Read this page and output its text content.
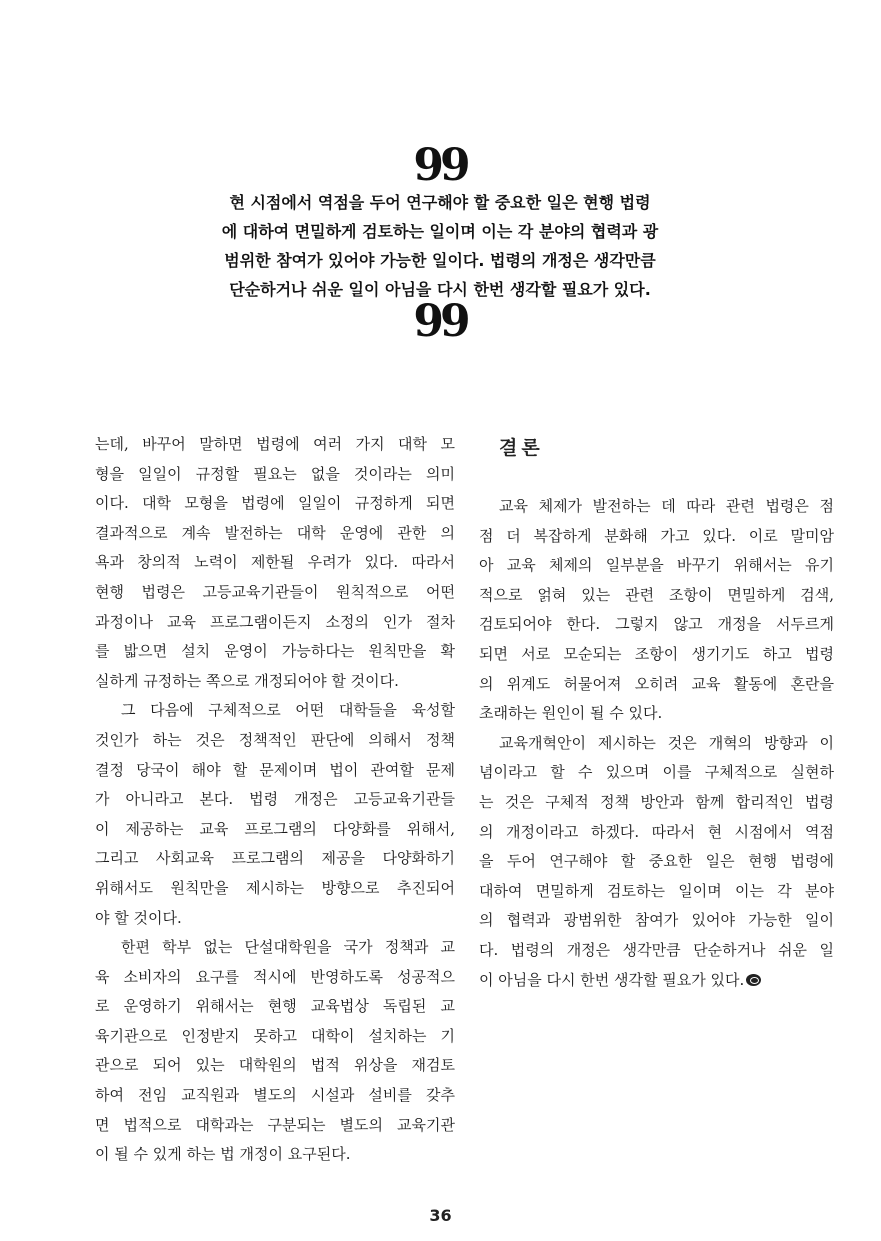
99
현 시점에서 역점을 두어 연구해야 할 중요한 일은 현행 법령
에 대하여 면밀하게 검토하는 일이며 이는 각 분야의 협력과 광
범위한 참여가 있어야 가능한 일이다. 법령의 개정은 생각만큼
단순하거나 쉬운 일이 아님을 다시 한번 생각할 필요가 있다.
99
는데, 바꾸어 말하면 법령에 여러 가지 대학 모
형을 일일이 규정할 필요는 없을 것이라는 의미
이다. 대학 모형을 법령에 일일이 규정하게 되면
결과적으로 계속 발전하는 대학 운영에 관한 의
욕과 창의적 노력이 제한될 우려가 있다. 따라서
현행 법령은 고등교육기관들이 원칙적으로 어떤
과정이나 교육 프로그램이든지 소정의 인가 절차
를 밟으면 설치 운영이 가능하다는 원칙만을 확
실하게 규정하는 쪽으로 개정되어야 할 것이다.
그 다음에 구체적으로 어떤 대학들을 육성할
것인가 하는 것은 정책적인 판단에 의해서 정책
결정 당국이 해야 할 문제이며 법이 관여할 문제
가 아니라고 본다. 법령 개정은 고등교육기관들
이 제공하는 교육 프로그램의 다양화를 위해서,
그리고 사회교육 프로그램의 제공을 다양화하기
위해서도 원칙만을 제시하는 방향으로 추진되어
야 할 것이다.
한편 학부 없는 단설대학원을 국가 정책과 교
육 소비자의 요구를 적시에 반영하도록 성공적으
로 운영하기 위해서는 현행 교육법상 독립된 교
육기관으로 인정받지 못하고 대학이 설치하는 기
관으로 되어 있는 대학원의 법적 위상을 재검토
하여 전임 교직원과 별도의 시설과 설비를 갖추
면 법적으로 대학과는 구분되는 별도의 교육기관
이 될 수 있게 하는 법 개정이 요구된다.
결론
교육 체제가 발전하는 데 따라 관련 법령은 점
점 더 복잡하게 분화해 가고 있다. 이로 말미암
아 교육 체제의 일부분을 바꾸기 위해서는 유기
적으로 얽혀 있는 관련 조항이 면밀하게 검색,
검토되어야 한다. 그렇지 않고 개정을 서두르게
되면 서로 모순되는 조항이 생기기도 하고 법령
의 위계도 허물어져 오히려 교육 활동에 혼란을
초래하는 원인이 될 수 있다.
교육개혁안이 제시하는 것은 개혁의 방향과 이
념이라고 할 수 있으며 이를 구체적으로 실현하
는 것은 구체적 정책 방안과 함께 합리적인 법령
의 개정이라고 하겠다. 따라서 현 시점에서 역점
을 두어 연구해야 할 중요한 일은 현행 법령에
대하여 면밀하게 검토하는 일이며 이는 각 분야
의 협력과 광범위한 참여가 있어야 가능한 일이
다. 법령의 개정은 생각만큼 단순하거나 쉬운 일
이 아님을 다시 한번 생각할 필요가 있다.
36
